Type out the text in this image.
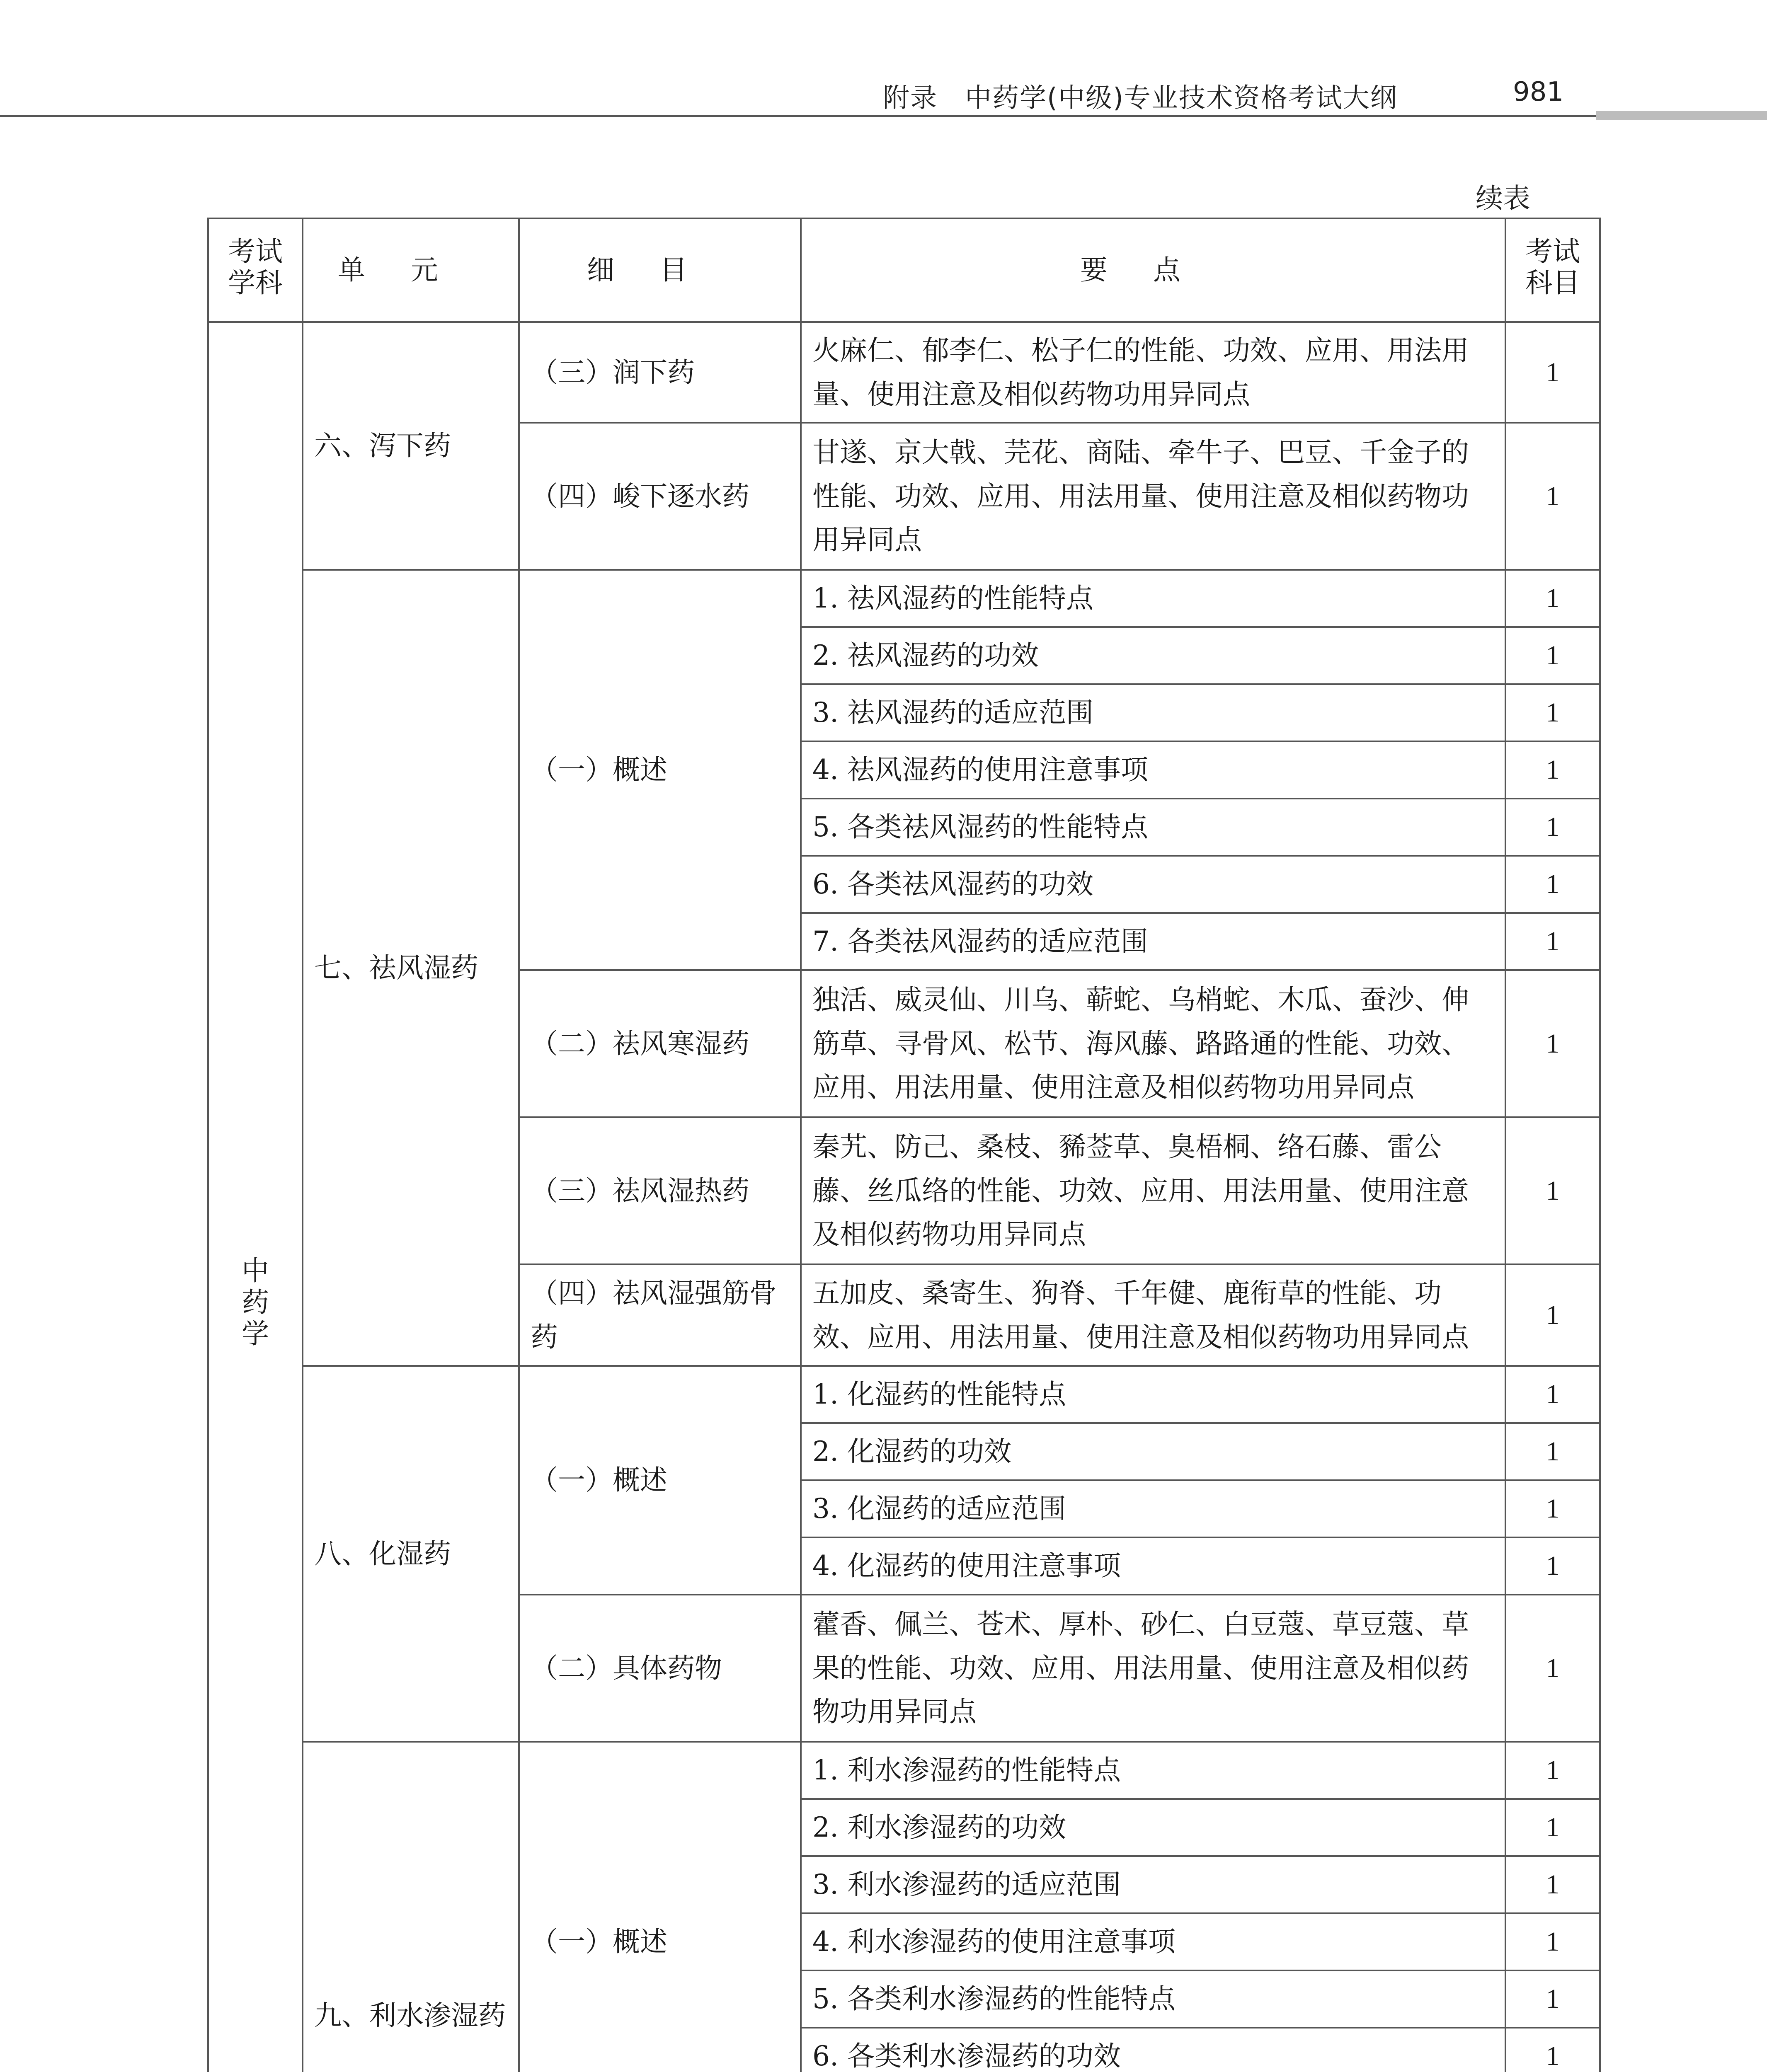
附录　中药学(中级)专业技术资格考试大纲	981
续表
考试学科	单元	细目	要点	考试科目
中药学	六、泻下药	（三）润下药	火麻仁、郁李仁、松子仁的性能、功效、应用、用法用量、使用注意及相似药物功用异同点	1
		（四）峻下逐水药	甘遂、京大戟、芫花、商陆、牵牛子、巴豆、千金子的性能、功效、应用、用法用量、使用注意及相似药物功用异同点	1
	七、祛风湿药	（一）概述	1. 祛风湿药的性能特点	1
			2. 祛风湿药的功效	1
			3. 祛风湿药的适应范围	1
			4. 祛风湿药的使用注意事项	1
			5. 各类祛风湿药的性能特点	1
			6. 各类祛风湿药的功效	1
			7. 各类祛风湿药的适应范围	1
		（二）祛风寒湿药	独活、威灵仙、川乌、蕲蛇、乌梢蛇、木瓜、蚕沙、伸筋草、寻骨风、松节、海风藤、路路通的性能、功效、应用、用法用量、使用注意及相似药物功用异同点	1
		（三）祛风湿热药	秦艽、防己、桑枝、豨莶草、臭梧桐、络石藤、雷公藤、丝瓜络的性能、功效、应用、用法用量、使用注意及相似药物功用异同点	1
		（四）祛风湿强筋骨药	五加皮、桑寄生、狗脊、千年健、鹿衔草的性能、功效、应用、用法用量、使用注意及相似药物功用异同点	1
	八、化湿药	（一）概述	1. 化湿药的性能特点	1
			2. 化湿药的功效	1
			3. 化湿药的适应范围	1
			4. 化湿药的使用注意事项	1
		（二）具体药物	藿香、佩兰、苍术、厚朴、砂仁、白豆蔻、草豆蔻、草果的性能、功效、应用、用法用量、使用注意及相似药物功用异同点	1
	九、利水渗湿药	（一）概述	1. 利水渗湿药的性能特点	1
			2. 利水渗湿药的功效	1
			3. 利水渗湿药的适应范围	1
			4. 利水渗湿药的使用注意事项	1
			5. 各类利水渗湿药的性能特点	1
			6. 各类利水渗湿药的功效	1
